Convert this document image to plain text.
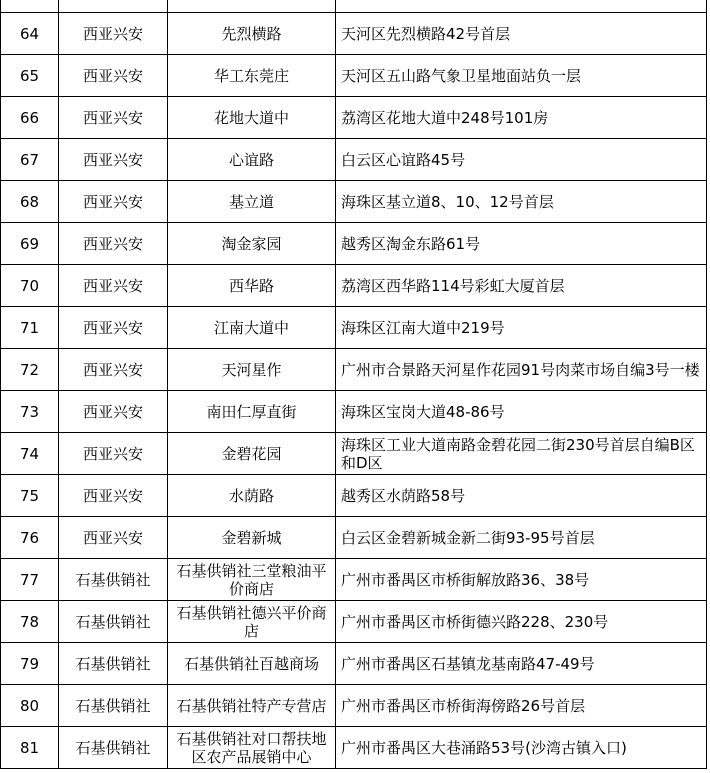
64	西亚兴安	先烈横路	天河区先烈横路42号首层
65	西亚兴安	华工东莞庄	天河区五山路气象卫星地面站负一层
66	西亚兴安	花地大道中	荔湾区花地大道中248号101房
67	西亚兴安	心谊路	白云区心谊路45号
68	西亚兴安	基立道	海珠区基立道8、10、12号首层
69	西亚兴安	淘金家园	越秀区淘金东路61号
70	西亚兴安	西华路	荔湾区西华路114号彩虹大厦首层
71	西亚兴安	江南大道中	海珠区江南大道中219号
72	西亚兴安	天河星作	广州市合景路天河星作花园91号肉菜市场自编3号一楼
73	西亚兴安	南田仁厚直街	海珠区宝岗大道48-86号
74	西亚兴安	金碧花园	海珠区工业大道南路金碧花园二街230号首层自编B区和D区
75	西亚兴安	水荫路	越秀区水荫路58号
76	西亚兴安	金碧新城	白云区金碧新城金新二街93-95号首层
77	石基供销社	石基供销社三堂粮油平价商店	广州市番禺区市桥街解放路36、38号
78	石基供销社	石基供销社德兴平价商店	广州市番禺区市桥街德兴路228、230号
79	石基供销社	石基供销社百越商场	广州市番禺区石基镇龙基南路47-49号
80	石基供销社	石基供销社特产专营店	广州市番禺区市桥街海傍路26号首层
81	石基供销社	石基供销社对口帮扶地区农产品展销中心	广州市番禺区大巷涌路53号(沙湾古镇入口)
